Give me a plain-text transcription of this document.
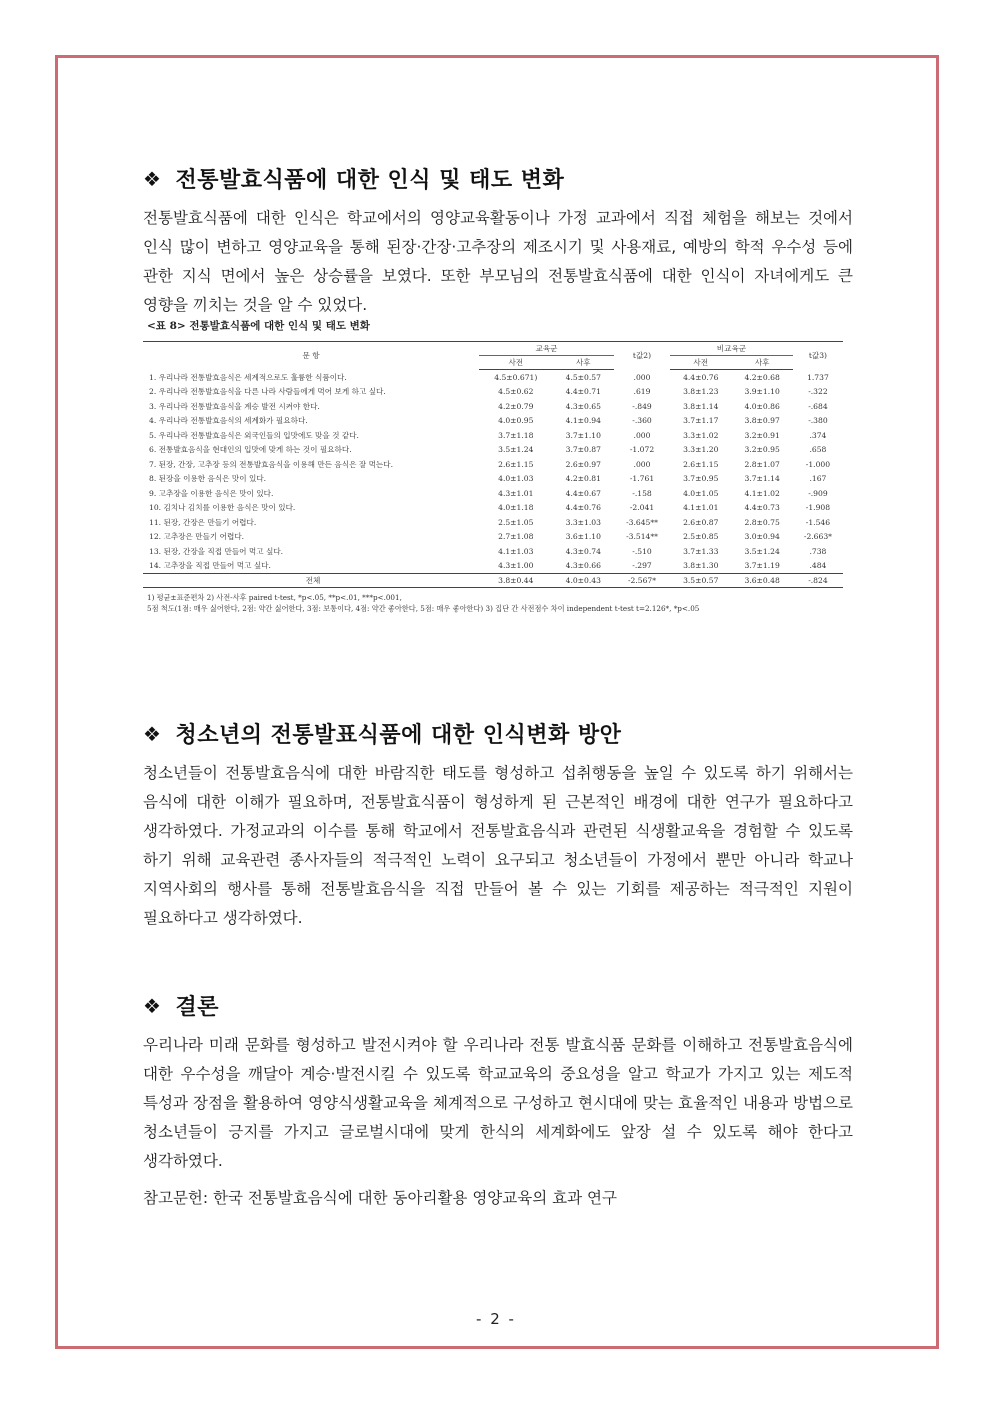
❖ 전통발효식품에 대한 인식 및 태도 변화

전통발효식품에 대한 인식은 학교에서의 영양교육활동이나 가정 교과에서 직접 체험을 해보는 것에서 인식 많이 변하고 영양교육을 통해 된장·간장·고추장의 제조시기 및 사용재료, 예방의 학적 우수성 등에 관한 지식 면에서 높은 상승률을 보였다. 또한 부모님의 전통발효식품에 대한 인식이 자녀에게도 큰 영향을 끼치는 것을 알 수 있었다.

<표 8> 전통발효식품에 대한 인식 및 태도 변화
문 항	교육군		t값2)	비교육군		t값3)
	사전	사후		사전	사후	
1. 우리나라 전통발효음식은 세계적으로도 훌륭한 식품이다.	4.5±0.671)	4.5±0.57	.000	4.4±0.76	4.2±0.68	1.737
2. 우리나라 전통발효음식을 다른 나라 사람들에게 먹어 보게 하고 싶다.	4.5±0.62	4.4±0.71	.619	3.8±1.23	3.9±1.10	-.322
3. 우리나라 전통발효음식을 계승 발전 시켜야 한다.	4.2±0.79	4.3±0.65	-.849	3.8±1.14	4.0±0.86	-.684
4. 우리나라 전통발효음식의 세계화가 필요하다.	4.0±0.95	4.1±0.94	-.360	3.7±1.17	3.8±0.97	-.380
5. 우리나라 전통발효음식은 외국인들의 입맛에도 맞을 것 같다.	3.7±1.18	3.7±1.10	.000	3.3±1.02	3.2±0.91	.374
6. 전통발효음식을 현대인의 입맛에 맞게 하는 것이 필요하다.	3.5±1.24	3.7±0.87	-1.072	3.3±1.20	3.2±0.95	.658
7. 된장, 간장, 고추장 등의 전통발효음식을 이용해 만든 음식은 잘 먹는다.	2.6±1.15	2.6±0.97	.000	2.6±1.15	2.8±1.07	-1.000
8. 된장을 이용한 음식은 맛이 있다.	4.0±1.03	4.2±0.81	-1.761	3.7±0.95	3.7±1.14	.167
9. 고추장을 이용한 음식은 맛이 있다.	4.3±1.01	4.4±0.67	-.158	4.0±1.05	4.1±1.02	-.909
10. 김치나 김치를 이용한 음식은 맛이 있다.	4.0±1.18	4.4±0.76	-2.041	4.1±1.01	4.4±0.73	-1.908
11. 된장, 간장은 만들기 어렵다.	2.5±1.05	3.3±1.03	-3.645**	2.6±0.87	2.8±0.75	-1.546
12. 고추장은 만들기 어렵다.	2.7±1.08	3.6±1.10	-3.514**	2.5±0.85	3.0±0.94	-2.663*
13. 된장, 간장을 직접 만들어 먹고 싶다.	4.1±1.03	4.3±0.74	-.510	3.7±1.33	3.5±1.24	.738
14. 고추장을 직접 만들어 먹고 싶다.	4.3±1.00	4.3±0.66	-.297	3.8±1.30	3.7±1.19	.484
전체	3.8±0.44	4.0±0.43	-2.567*	3.5±0.57	3.6±0.48	-.824
1) 평균±표준편차 2) 사전-사후 paired t-test, *p<.05, **p<.01, ***p<.001,
5점 척도(1점: 매우 싫어한다, 2점: 약간 싫어한다, 3점: 보통이다, 4점: 약간 좋아한다, 5점: 매우 좋아한다) 3) 집단 간 사전점수 차이 independent t-test t=2.126*, *p<.05
❖ 청소년의 전통발표식품에 대한 인식변화 방안

청소년들이 전통발효음식에 대한 바람직한 태도를 형성하고 섭취행동을 높일 수 있도록 하기 위해서는 음식에 대한 이해가 필요하며, 전통발효식품이 형성하게 된 근본적인 배경에 대한 연구가 필요하다고 생각하였다. 가정교과의 이수를 통해 학교에서 전통발효음식과 관련된 식생활교육을 경험할 수 있도록 하기 위해 교육관련 종사자들의 적극적인 노력이 요구되고 청소년들이 가정에서 뿐만 아니라 학교나 지역사회의 행사를 통해 전통발효음식을 직접 만들어 볼 수 있는 기회를 제공하는 적극적인 지원이 필요하다고 생각하였다.

❖ 결론

우리나라 미래 문화를 형성하고 발전시켜야 할 우리나라 전통 발효식품 문화를 이해하고 전통발효음식에 대한 우수성을 깨달아 계승·발전시킬 수 있도록 학교교육의 중요성을 알고 학교가 가지고 있는 제도적 특성과 장점을 활용하여 영양식생활교육을 체계적으로 구성하고 현시대에 맞는 효율적인 내용과 방법으로 청소년들이 긍지를 가지고 글로벌시대에 맞게 한식의 세계화에도 앞장 설 수 있도록 해야 한다고 생각하였다.

참고문헌: 한국 전통발효음식에 대한 동아리활용 영양교육의 효과 연구
- 2 -
